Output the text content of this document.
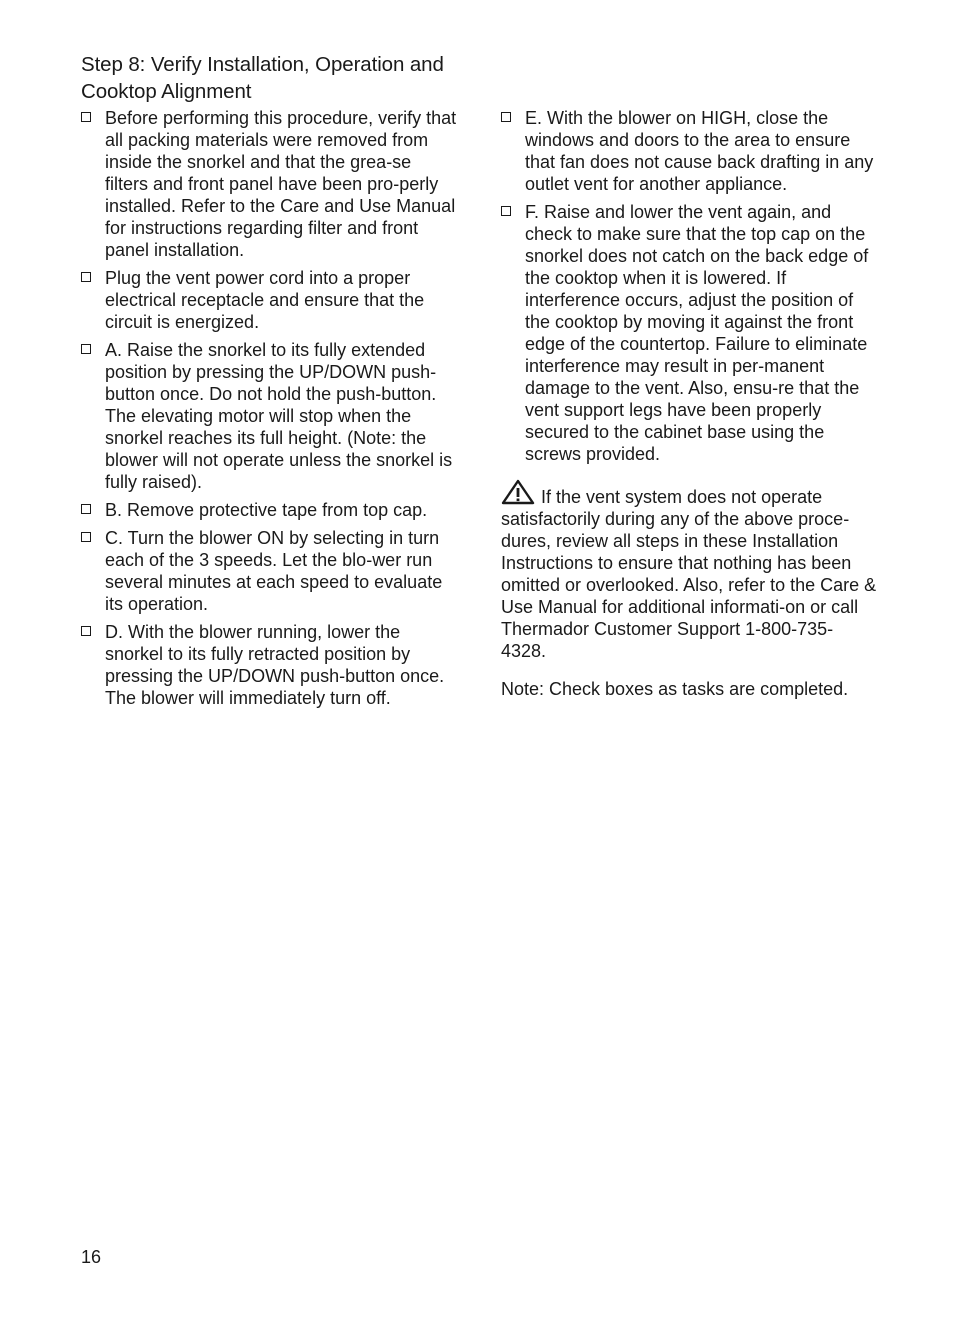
Step 8: Verify Installation, Operation and Cooktop Alignment
Before performing this procedure, verify that all packing materials were removed from inside the snorkel and that the grea-se filters and front panel have been pro-perly installed. Refer to the Care and Use Manual for instructions regarding filter and front panel installation.
Plug the vent power cord into a proper electrical receptacle and ensure that the circuit is energized.
A. Raise the snorkel to its fully extended position by pressing the UP/DOWN push-button once. Do not hold the push-button. The elevating motor will stop when the snorkel reaches its full height. (Note: the blower will not operate unless the snorkel is fully raised).
B. Remove protective tape from top cap.
C. Turn the blower ON by selecting in turn each of the 3 speeds. Let the blo-wer run several minutes at each speed to evaluate its operation.
D. With the blower running, lower the snorkel to its fully retracted position by pressing the UP/DOWN push-button once. The blower will immediately turn off.
E. With the blower on HIGH, close the windows and doors to the area to ensure that fan does not cause back drafting in any outlet vent for another appliance.
F. Raise and lower the vent again, and check to make sure that the top cap on the snorkel does not catch on the back edge of the cooktop when it is lowered. If interference occurs, adjust the position of the cooktop by moving it against the front edge of the countertop. Failure to eliminate interference may result in per-manent damage to the vent. Also, ensu-re that the vent support legs have been properly secured to the cabinet base using the screws provided.
If the vent system does not operate satisfactorily during any of the above proce-dures, review all steps in these Installation Instructions to ensure that nothing has been omitted or overlooked. Also, refer to the Care & Use Manual for additional informati-on or call Thermador Customer Support 1-800-735-4328.
Note: Check boxes as tasks are completed.
16
